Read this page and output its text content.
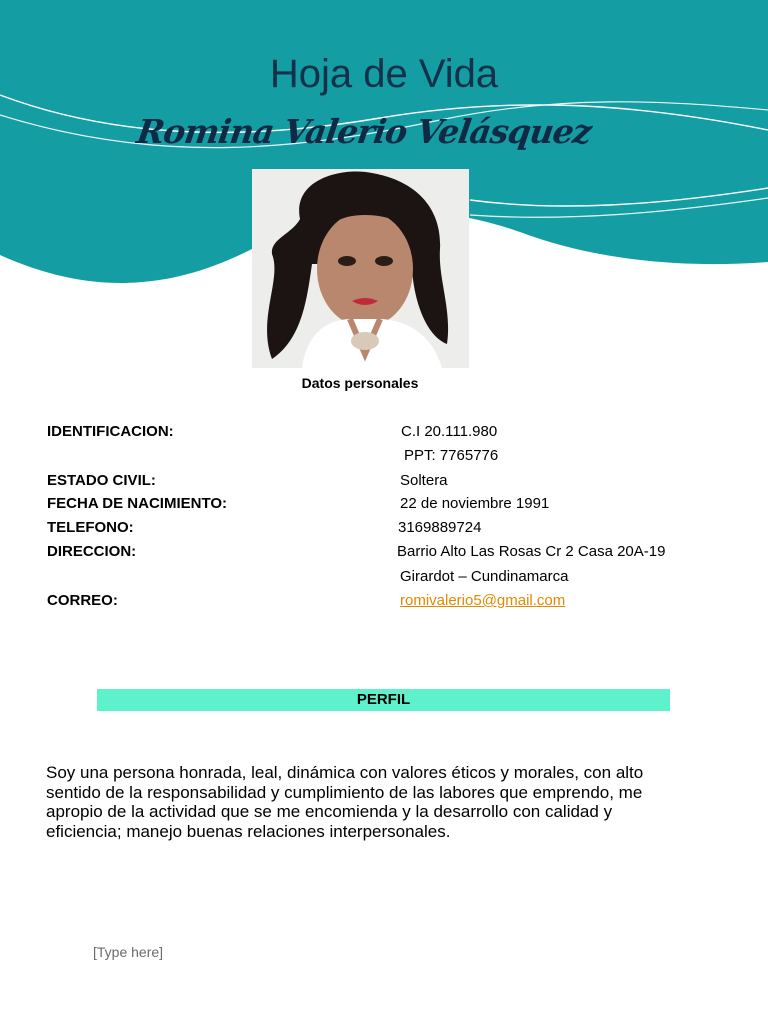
Hoja de Vida
Romina Valerio Velásquez
Datos personales
IDENTIFICACION:	C.I 20.111.980
PPT: 7765776
ESTADO CIVIL:	Soltera
FECHA DE NACIMIENTO:	22 de noviembre 1991
TELEFONO:	3169889724
DIRECCION:	Barrio Alto Las Rosas Cr 2 Casa 20A-19
Girardot – Cundinamarca
CORREO:	romivalerio5@gmail.com
PERFIL
Soy una persona honrada, leal, dinámica con valores éticos y morales, con alto sentido de la responsabilidad y cumplimiento de las labores que emprendo, me apropio de la actividad que se me encomienda y la desarrollo con calidad y eficiencia; manejo buenas relaciones interpersonales.
[Type here]
